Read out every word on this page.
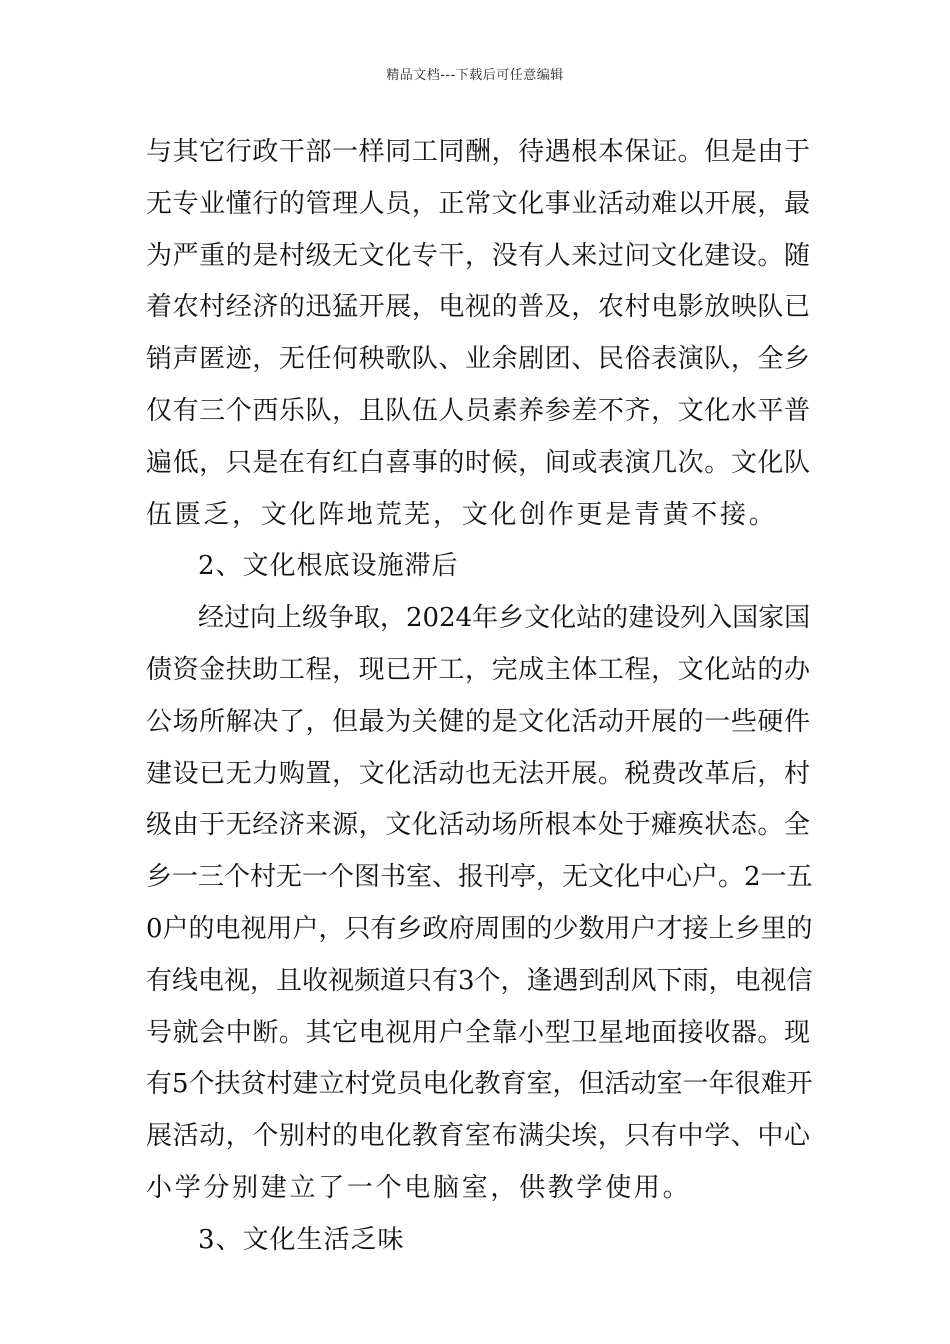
精品文档---下载后可任意编辑
与其它行政干部一样同工同酬，待遇根本保证。但是由于
无专业懂行的管理人员，正常文化事业活动难以开展，最
为严重的是村级无文化专干，没有人来过问文化建设。随
着农村经济的迅猛开展，电视的普及，农村电影放映队已
销声匿迹，无任何秧歌队、业余剧团、民俗表演队，全乡
仅有三个西乐队，且队伍人员素养参差不齐，文化水平普
遍低，只是在有红白喜事的时候，间或表演几次。文化队
伍匮乏，文化阵地荒芜，文化创作更是青黄不接。
2、文化根底设施滞后
经过向上级争取，2024年乡文化站的建设列入国家国
债资金扶助工程，现已开工，完成主体工程，文化站的办
公场所解决了，但最为关健的是文化活动开展的一些硬件
建设已无力购置，文化活动也无法开展。税费改革后，村
级由于无经济来源，文化活动场所根本处于瘫痪状态。全
乡一三个村无一个图书室、报刊亭，无文化中心户。2一五
0户的电视用户，只有乡政府周围的少数用户才接上乡里的
有线电视，且收视频道只有3个，逢遇到刮风下雨，电视信
号就会中断。其它电视用户全靠小型卫星地面接收器。现
有5个扶贫村建立村党员电化教育室，但活动室一年很难开
展活动，个别村的电化教育室布满尖埃，只有中学、中心
小学分别建立了一个电脑室，供教学使用。
3、文化生活乏味
